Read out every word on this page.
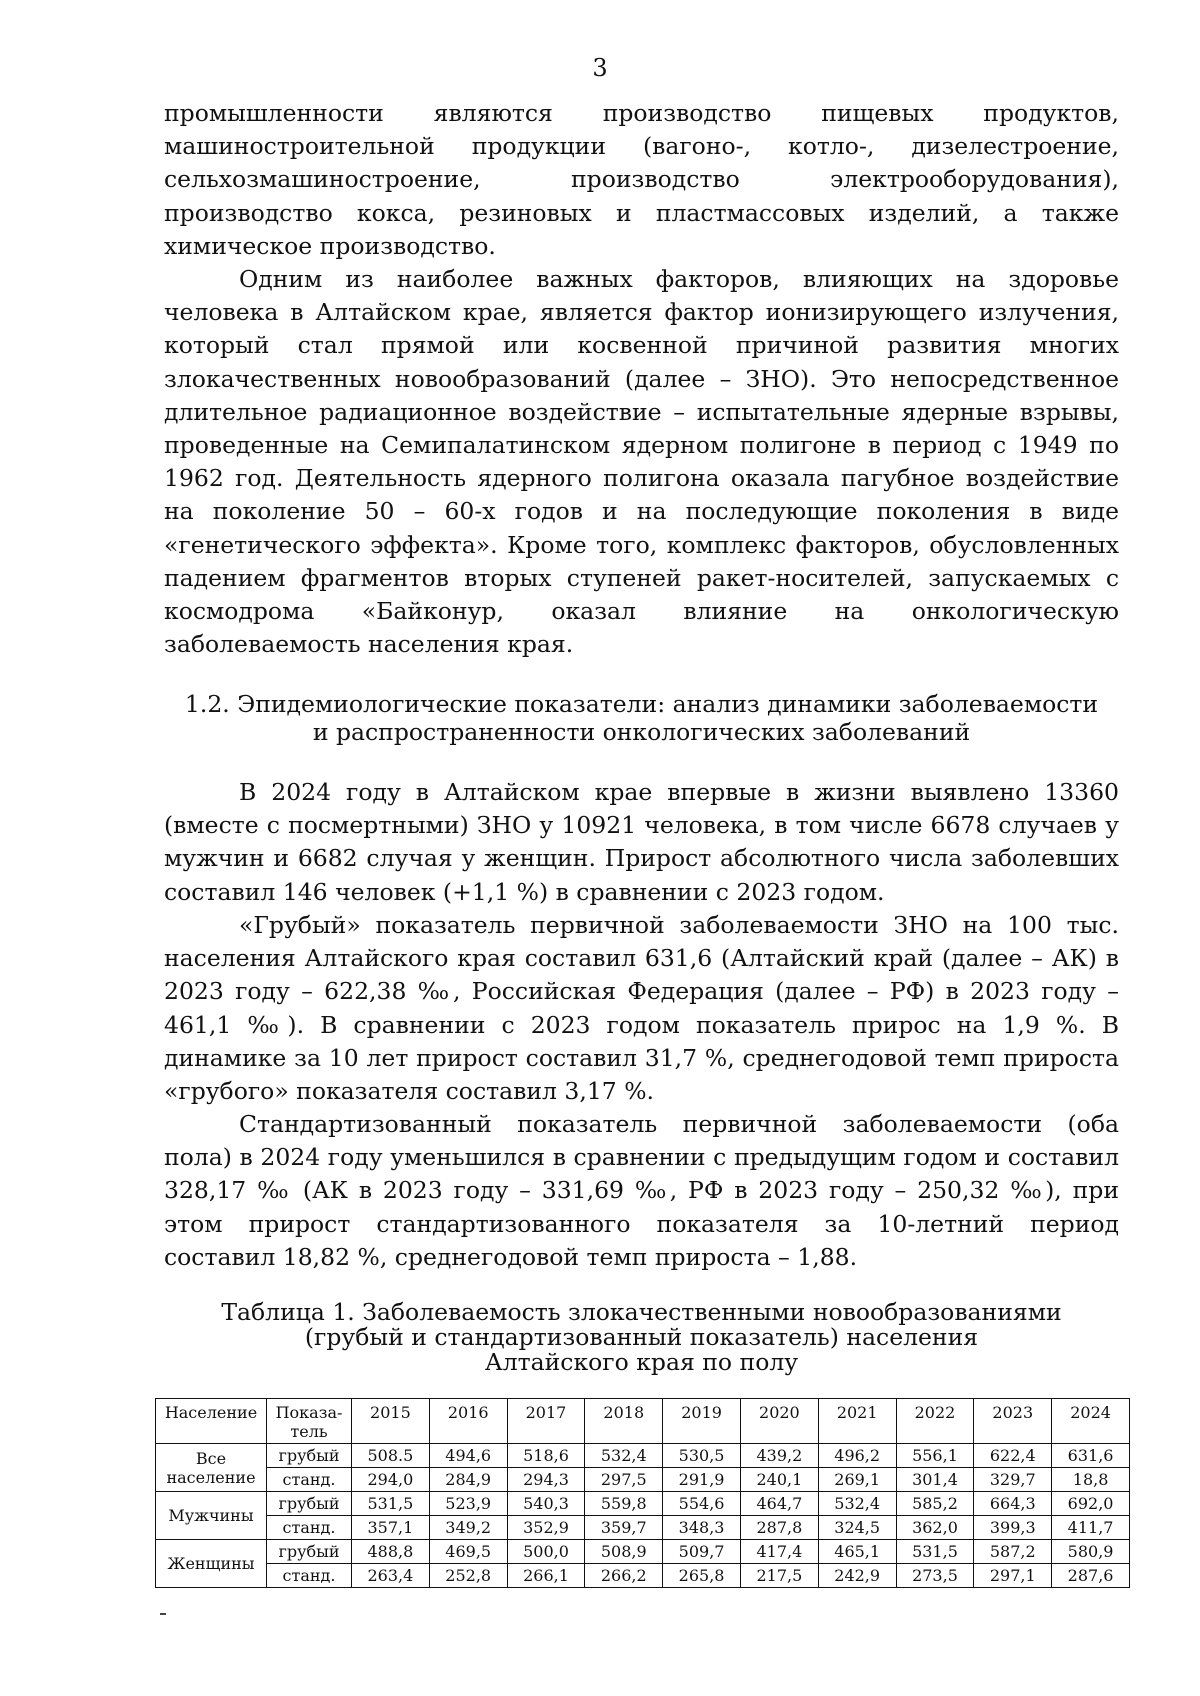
3

промышленности являются производство пищевых продуктов, машиностроительной продукции (вагоно-, котло-, дизелестроение, сельхозмашиностроение, производство электрооборудования), производство кокса, резиновых и пластмассовых изделий, а также химическое производство.

Одним из наиболее важных факторов, влияющих на здоровье человека в Алтайском крае, является фактор ионизирующего излучения, который стал прямой или косвенной причиной развития многих злокачественных новообразований (далее – ЗНО). Это непосредственное длительное радиационное воздействие – испытательные ядерные взрывы, проведенные на Семипалатинском ядерном полигоне в период с 1949 по 1962 год. Деятельность ядерного полигона оказала пагубное воздействие на поколение 50 – 60-х годов и на последующие поколения в виде «генетического эффекта». Кроме того, комплекс факторов, обусловленных падением фрагментов вторых ступеней ракет-носителей, запускаемых с космодрома «Байконур, оказал влияние на онкологическую заболеваемость населения края.

1.2. Эпидемиологические показатели: анализ динамики заболеваемости
и распространенности онкологических заболеваний

В 2024 году в Алтайском крае впервые в жизни выявлено 13360 (вместе с посмертными) ЗНО у 10921 человека, в том числе 6678 случаев у мужчин и 6682 случая у женщин. Прирост абсолютного числа заболевших составил 146 человек (+1,1 %) в сравнении с 2023 годом.

«Грубый» показатель первичной заболеваемости ЗНО на 100 тыс. населения Алтайского края составил 631,6 (Алтайский край (далее – АК) в 2023 году – 622,38 ‰, Российская Федерация (далее – РФ) в 2023 году – 461,1 ‰). В сравнении с 2023 годом показатель прирос на 1,9 %. В динамике за 10 лет прирост составил 31,7 %, среднегодовой темп прироста «грубого» показателя составил 3,17 %.

Стандартизованный показатель первичной заболеваемости (оба пола) в 2024 году уменьшился в сравнении с предыдущим годом и составил 328,17 ‰ (АК в 2023 году – 331,69 ‰, РФ в 2023 году – 250,32 ‰), при этом прирост стандартизованного показателя за 10-летний период составил 18,82 %, среднегодовой темп прироста – 1,88.

Таблица 1. Заболеваемость злокачественными новообразованиями
(грубый и стандартизованный показатель) населения
Алтайского края по полу
Население	Показа-тель	2015	2016	2017	2018	2019	2020	2021	2022	2023	2024
Все население	грубый	508.5	494,6	518,6	532,4	530,5	439,2	496,2	556,1	622,4	631,6
	станд.	294,0	284,9	294,3	297,5	291,9	240,1	269,1	301,4	329,7	18,8
Мужчины	грубый	531,5	523,9	540,3	559,8	554,6	464,7	532,4	585,2	664,3	692,0
	станд.	357,1	349,2	352,9	359,7	348,3	287,8	324,5	362,0	399,3	411,7
Женщины	грубый	488,8	469,5	500,0	508,9	509,7	417,4	465,1	531,5	587,2	580,9
	станд.	263,4	252,8	266,1	266,2	265,8	217,5	242,9	273,5	297,1	287,6
